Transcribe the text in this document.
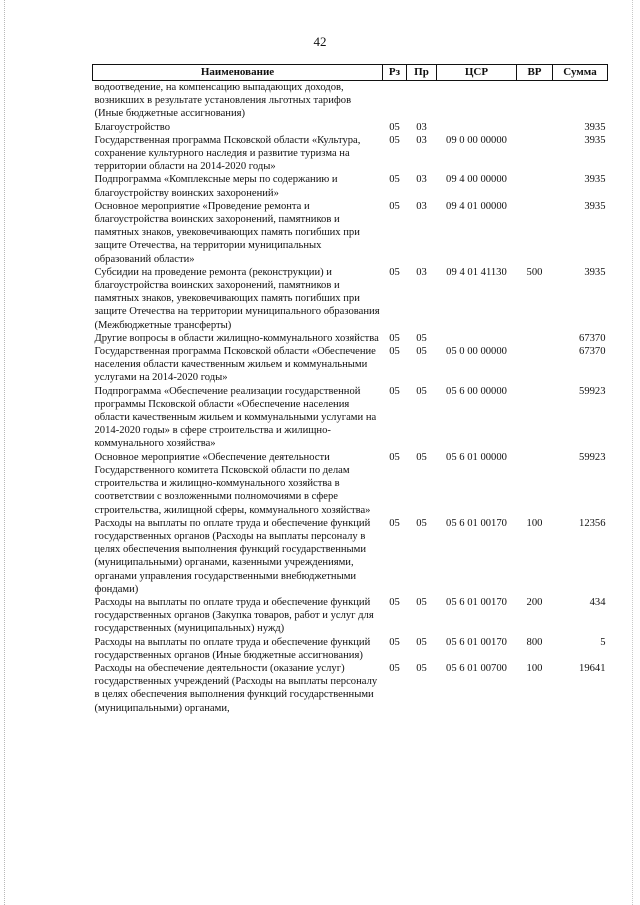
42
Наименование	Рз	Пр	ЦСР	ВР	Сумма
водоотведение, на компенсацию выпадающих доходов, возникших в результате установления льготных тарифов (Иные бюджетные ассигнования)					
Благоустройство	05	03			3935
Государственная программа Псковской области «Культура, сохранение культурного наследия и развитие туризма на территории области на 2014-2020 годы»	05	03	09 0 00 00000		3935
Подпрограмма «Комплексные меры по содержанию и благоустройству воинских захоронений»	05	03	09 4 00 00000		3935
Основное мероприятие «Проведение ремонта и благоустройства воинских захоронений, памятников и памятных знаков, увековечивающих память погибших при защите Отечества, на территории муниципальных образований области»	05	03	09 4 01 00000		3935
Субсидии на проведение ремонта (реконструкции) и благоустройства воинских захоронений, памятников и памятных знаков, увековечивающих память погибших при защите Отечества на территории муниципального образования (Межбюджетные трансферты)	05	03	09 4 01 41130	500	3935
Другие вопросы в области жилищно-коммунального хозяйства	05	05			67370
Государственная программа Псковской области «Обеспечение населения области качественным жильем и коммунальными услугами на 2014-2020 годы»	05	05	05 0 00 00000		67370
Подпрограмма «Обеспечение реализации государственной программы Псковской области «Обеспечение населения области качественным жильем и коммунальными услугами на 2014-2020 годы» в сфере строительства и жилищно-коммунального хозяйства»	05	05	05 6 00 00000		59923
Основное мероприятие «Обеспечение деятельности Государственного комитета Псковской области по делам строительства и жилищно-коммунального хозяйства в соответствии с возложенными полномочиями в сфере строительства, жилищной сферы, коммунального хозяйства»	05	05	05 6 01 00000		59923
Расходы на выплаты по оплате труда и обеспечение функций государственных органов (Расходы на выплаты персоналу в целях обеспечения выполнения функций государственными (муниципальными) органами, казенными учреждениями, органами управления государственными внебюджетными фондами)	05	05	05 6 01 00170	100	12356
Расходы на выплаты по оплате труда и обеспечение функций государственных органов (Закупка товаров, работ и услуг для государственных (муниципальных) нужд)	05	05	05 6 01 00170	200	434
Расходы на выплаты по оплате труда и обеспечение функций государственных органов (Иные бюджетные ассигнования)	05	05	05 6 01 00170	800	5
Расходы на обеспечение деятельности (оказание услуг) государственных учреждений (Расходы на выплаты персоналу в целях обеспечения выполнения функций государственными (муниципальными) органами,	05	05	05 6 01 00700	100	19641
